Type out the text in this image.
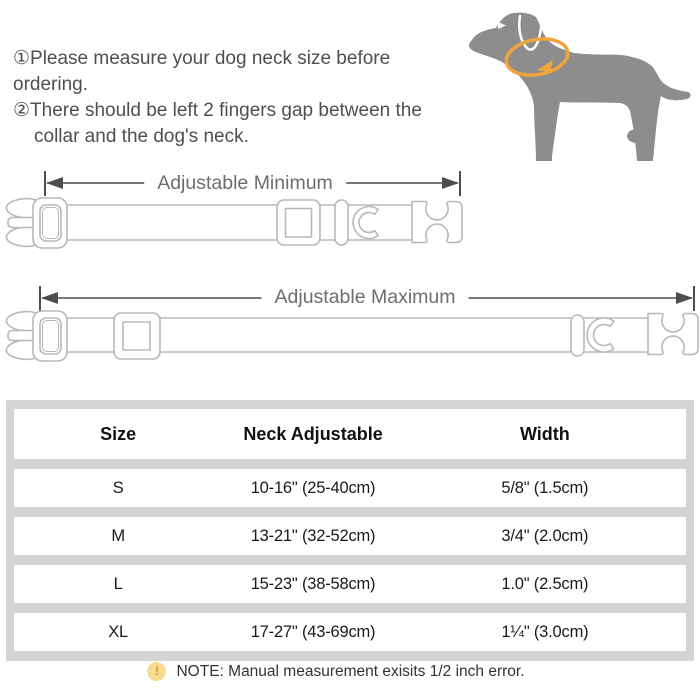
①Please measure your dog neck size before ordering.
②There should be left 2 fingers gap between the
collar and the dog's neck.
Adjustable Minimum
Adjustable Maximum
Size	Neck Adjustable	Width
S	10-16" (25-40cm)	5/8" (1.5cm)
M	13-21" (32-52cm)	3/4" (2.0cm)
L	15-23" (38-58cm)	1.0" (2.5cm)
XL	17-27" (43-69cm)	1¼" (3.0cm)
!	NOTE: Manual measurement exisits 1/2 inch error.
